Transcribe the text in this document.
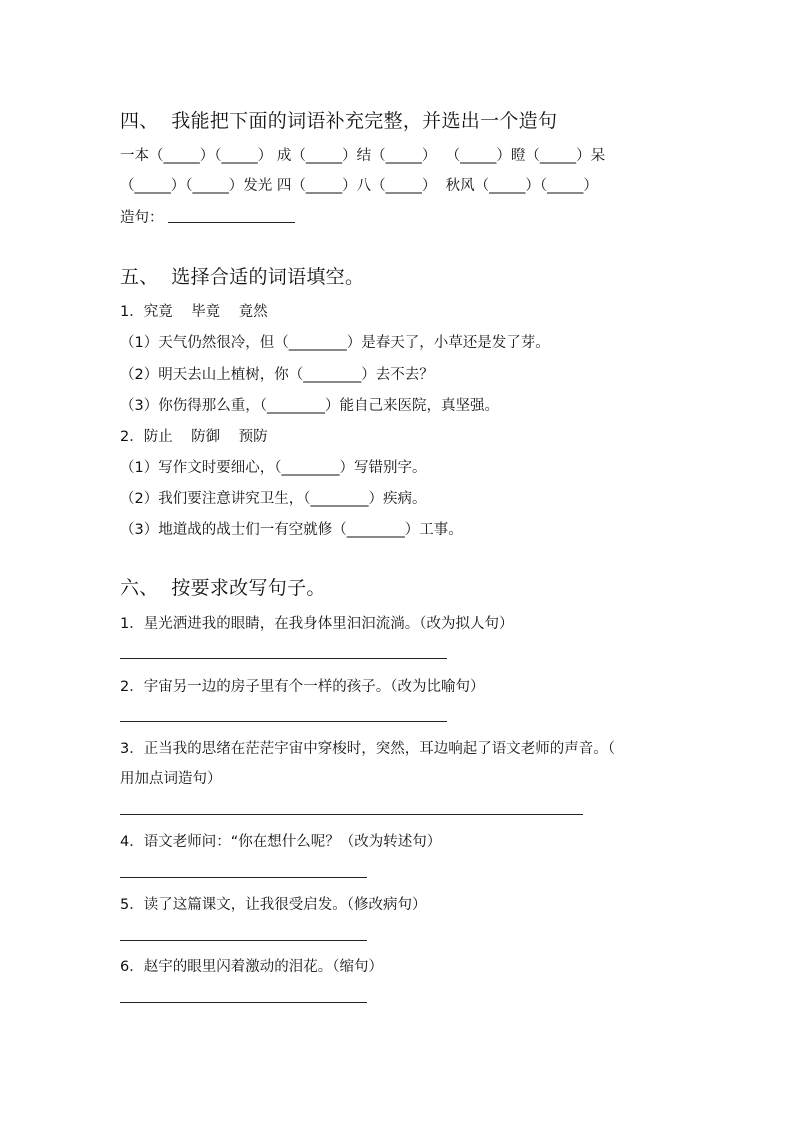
四、  我能把下面的词语补充完整，并选出一个造句
一本（_____）（_____） 成（_____）结（_____）  （_____）瞪（_____）呆
（_____）（_____）发光 四（_____）八（_____）  秋风（_____）（_____）
造句：
五、  选择合适的词语填空。
1．究竟    毕竟    竟然
（1）天气仍然很冷，但（________）是春天了，小草还是发了芽。
（2）明天去山上植树，你（________）去不去？
（3）你伤得那么重，（________）能自己来医院，真坚强。
2．防止    防御    预防
（1）写作文时要细心，（________）写错别字。
（2）我们要注意讲究卫生，（________）疾病。
（3）地道战的战士们一有空就修（________）工事。
六、  按要求改写句子。
1．星光洒进我的眼睛，在我身体里汩汩流淌。（改为拟人句）
2．宇宙另一边的房子里有个一样的孩子。（改为比喻句）
3．正当我的思绪在茫茫宇宙中穿梭时，突然，耳边响起了语文老师的声音。（
用加点词造句）
4．语文老师问：“你在想什么呢？（改为转述句）
5．读了这篇课文，让我很受启发。（修改病句）
6．赵宇的眼里闪着激动的泪花。（缩句）
